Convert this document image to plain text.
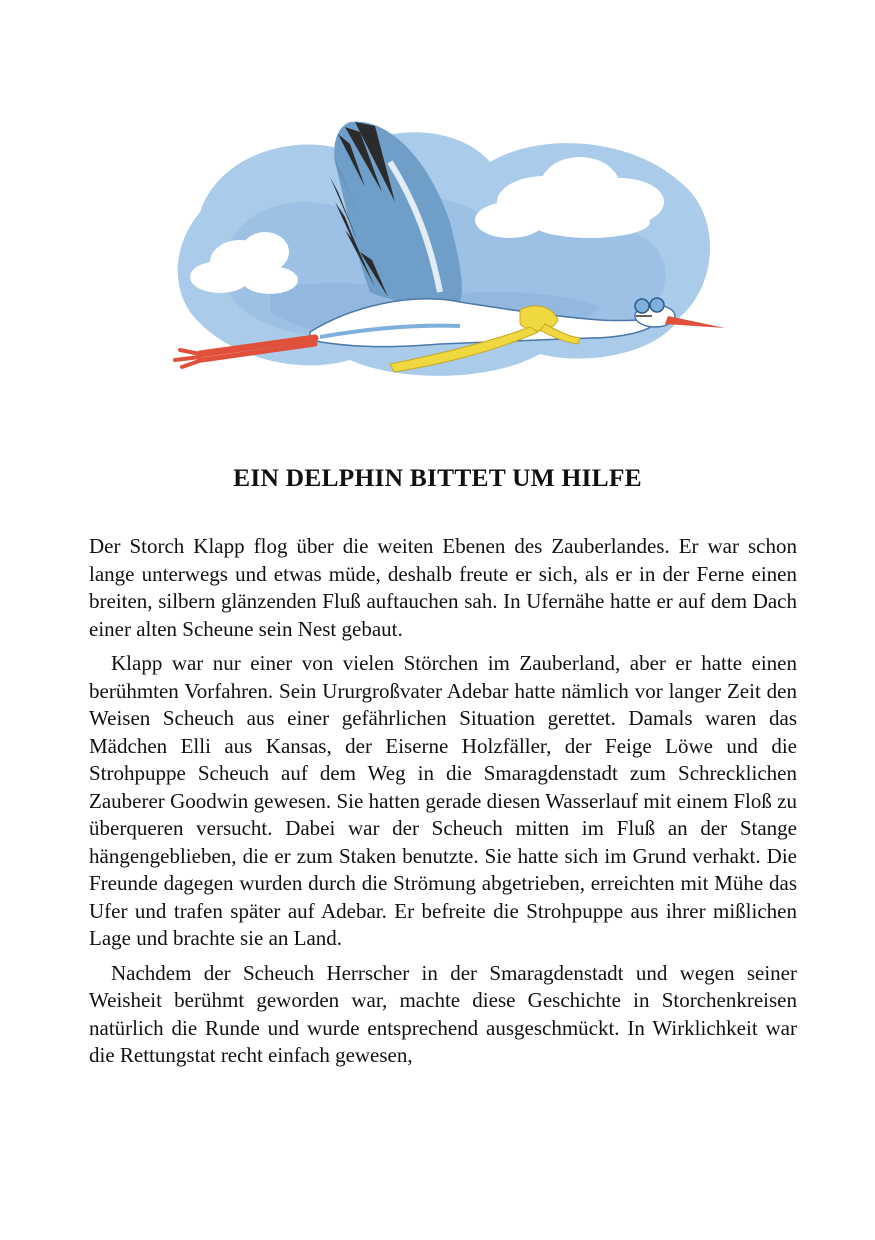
EIN DELPHIN BITTET UM HILFE

Der Storch Klapp flog über die weiten Ebenen des Zauberlandes. Er war schon lange unterwegs und etwas müde, deshalb freute er sich, als er in der Ferne einen breiten, silbern glänzenden Fluß auftauchen sah. In Ufernähe hatte er auf dem Dach einer alten Scheune sein Nest gebaut.

Klapp war nur einer von vielen Störchen im Zauberland, aber er hatte einen berühmten Vorfahren. Sein Ururgroßvater Adebar hatte nämlich vor langer Zeit den Weisen Scheuch aus einer gefährlichen Situation gerettet. Damals waren das Mädchen Elli aus Kansas, der Eiserne Holzfäller, der Feige Löwe und die Strohpuppe Scheuch auf dem Weg in die Smaragdenstadt zum Schrecklichen Zauberer Goodwin gewesen. Sie hatten gerade diesen Wasserlauf mit einem Floß zu überqueren versucht. Dabei war der Scheuch mitten im Fluß an der Stange hängengeblieben, die er zum Staken benutzte. Sie hatte sich im Grund verhakt. Die Freunde dagegen wurden durch die Strömung abgetrieben, erreichten mit Mühe das Ufer und trafen später auf Adebar. Er befreite die Strohpuppe aus ihrer mißlichen Lage und brachte sie an Land.

Nachdem der Scheuch Herrscher in der Smaragdenstadt und wegen seiner Weisheit berühmt geworden war, machte diese Geschichte in Storchenkreisen natürlich die Runde und wurde entsprechend ausgeschmückt. In Wirklichkeit war die Rettungstat recht einfach gewesen,
